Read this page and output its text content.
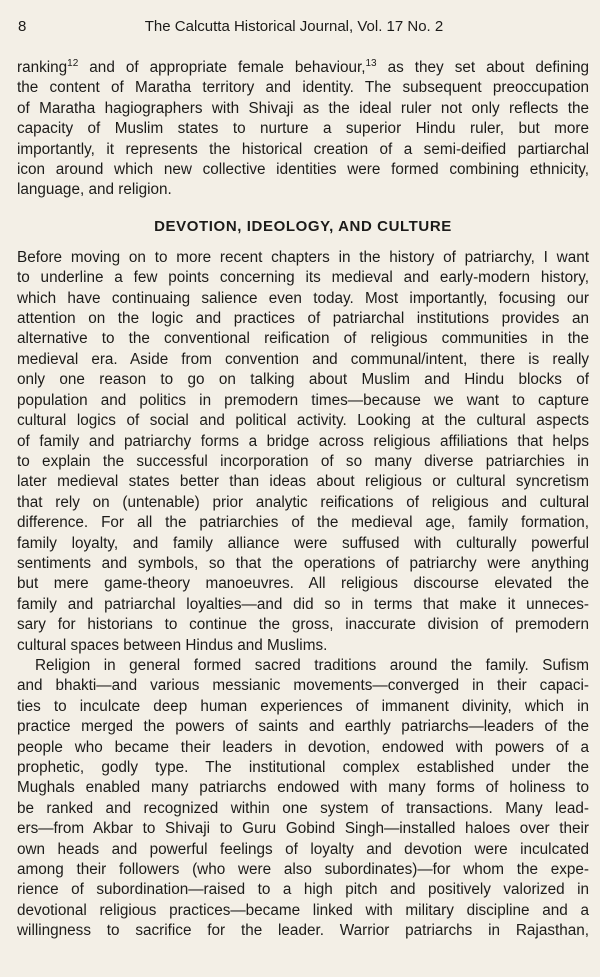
8	The Calcutta Historical Journal, Vol. 17 No. 2

ranking$^{12}$ and of appropriate female behaviour,$^{13}$ as they set about defining
the content of Maratha territory and identity. The subsequent preoccupation
of Maratha hagiographers with Shivaji as the ideal ruler not only reflects the
capacity of Muslim states to nurture a superior Hindu ruler, but more
importantly, it represents the historical creation of a semi-deified partiarchal
icon around which new collective identities were formed combining ethnicity,
language, and religion.

DEVOTION, IDEOLOGY, AND CULTURE

Before moving on to more recent chapters in the history of patriarchy, I want
to underline a few points concerning its medieval and early-modern history,
which have continuaing salience even today. Most importantly, focusing our
attention on the logic and practices of patriarchal institutions provides an
alternative to the conventional reification of religious communities in the
medieval era. Aside from convention and communal/intent, there is really
only one reason to go on talking about Muslim and Hindu blocks of
population and politics in premodern times—because we want to capture
cultural logics of social and political activity. Looking at the cultural aspects
of family and patriarchy forms a bridge across religious affiliations that helps
to explain the successful incorporation of so many diverse patriarchies in
later medieval states better than ideas about religious or cultural syncretism
that rely on (untenable) prior analytic reifications of religious and cultural
difference. For all the patriarchies of the medieval age, family formation,
family loyalty, and family alliance were suffused with culturally powerful
sentiments and symbols, so that the operations of patriarchy were anything
but mere game-theory manoeuvres. All religious discourse elevated the
family and patriarchal loyalties—and did so in terms that make it unneces-
sary for historians to continue the gross, inaccurate division of premodern
cultural spaces between Hindus and Muslims.

Religion in general formed sacred traditions around the family. Sufism
and bhakti—and various messianic movements—converged in their capaci-
ties to inculcate deep human experiences of immanent divinity, which in
practice merged the powers of saints and earthly patriarchs—leaders of the
people who became their leaders in devotion, endowed with powers of a
prophetic, godly type. The institutional complex established under the
Mughals enabled many patriarchs endowed with many forms of holiness to
be ranked and recognized within one system of transactions. Many lead-
ers—from Akbar to Shivaji to Guru Gobind Singh—installed haloes over their
own heads and powerful feelings of loyalty and devotion were inculcated
among their followers (who were also subordinates)—for whom the expe-
rience of subordination—raised to a high pitch and positively valorized in
devotional religious practices—became linked with military discipline and a
willingness to sacrifice for the leader. Warrior patriarchs in Rajasthan,
